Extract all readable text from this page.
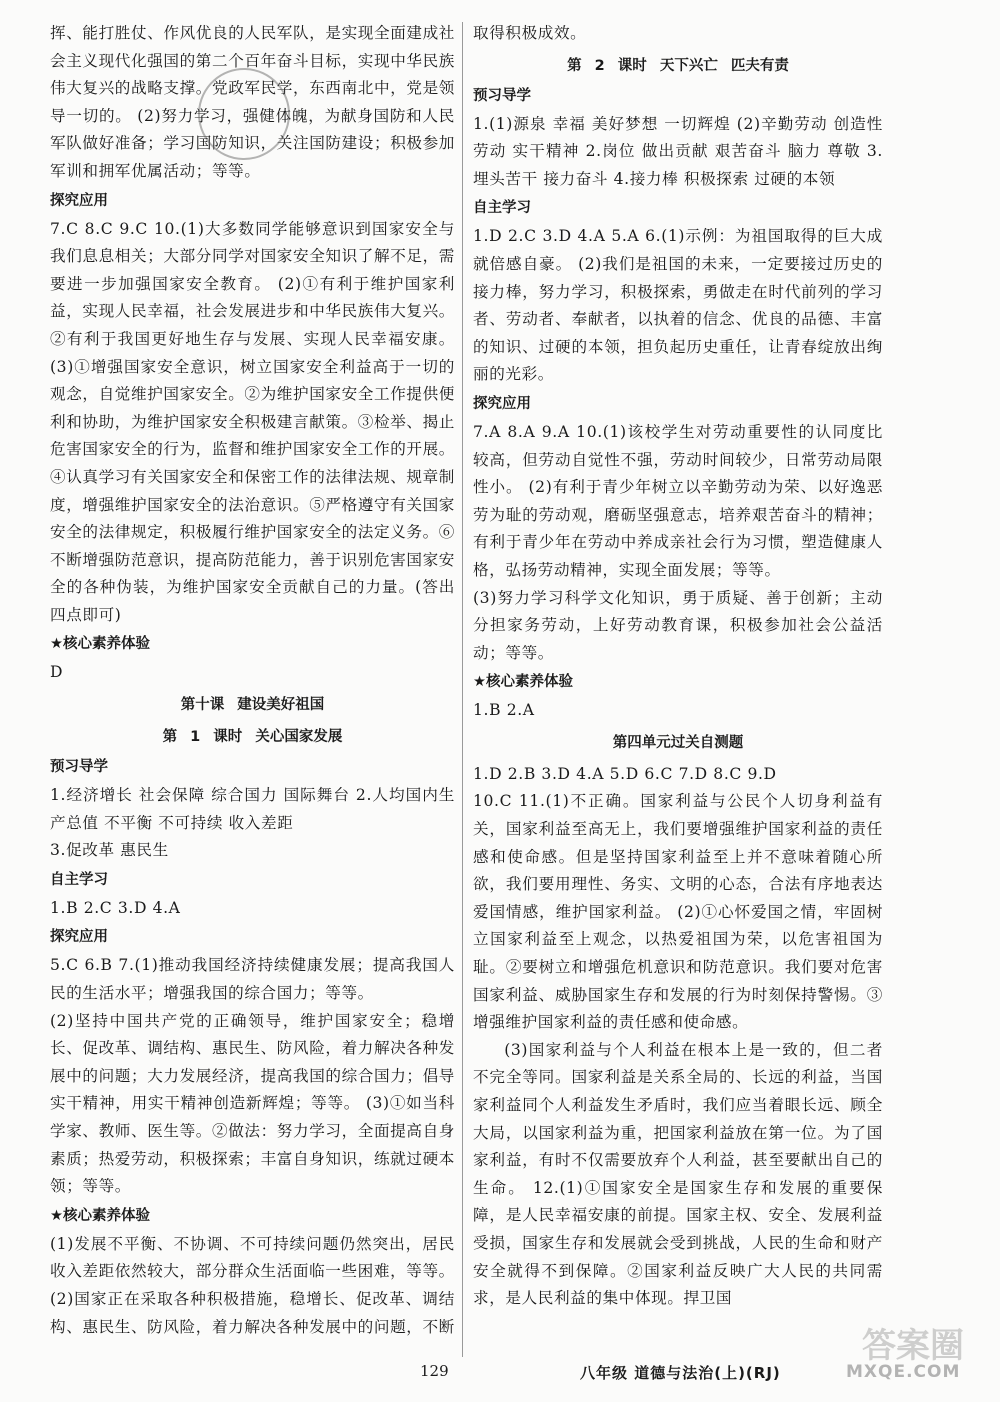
挥、能打胜仗、作风优良的人民军队，是实现全面建成社会主义现代化强国的第二个百年奋斗目标，实现中华民族伟大复兴的战略支撑。党政军民学，东西南北中，党是领导一切的。 (2)努力学习，强健体魄，为献身国防和人民军队做好准备；学习国防知识，关注国防建设；积极参加军训和拥军优属活动；等等。

探究应用

7.C 8.C 9.C 10.(1)大多数同学能够意识到国家安全与我们息息相关；大部分同学对国家安全知识了解不足，需要进一步加强国家安全教育。 (2)①有利于维护国家利益，实现人民幸福，社会发展进步和中华民族伟大复兴。②有利于我国更好地生存与发展、实现人民幸福安康。 (3)①增强国家安全意识，树立国家安全利益高于一切的观念，自觉维护国家安全。②为维护国家安全工作提供便利和协助，为维护国家安全积极建言献策。③检举、揭止危害国家安全的行为，监督和维护国家安全工作的开展。④认真学习有关国家安全和保密工作的法律法规、规章制度，增强维护国家安全的法治意识。⑤严格遵守有关国家安全的法律规定，积极履行维护国家安全的法定义务。⑥不断增强防范意识，提高防范能力，善于识别危害国家安全的各种伪装，为维护国家安全贡献自己的力量。(答出四点即可)

★核心素养体验

D

第十课 建设美好祖国
第 1 课时 关心国家发展
预习导学

1.经济增长 社会保障 综合国力 国际舞台 2.人均国内生产总值 不平衡 不可持续 收入差距

3.促改革 惠民生

自主学习

1.B 2.C 3.D 4.A

探究应用

5.C 6.B 7.(1)推动我国经济持续健康发展；提高我国人民的生活水平；增强我国的综合国力；等等。

(2)坚持中国共产党的正确领导，维护国家安全；稳增长、促改革、调结构、惠民生、防风险，着力解决各种发展中的问题；大力发展经济，提高我国的综合国力；倡导实干精神，用实干精神创造新辉煌；等等。 (3)①如当科学家、教师、医生等。②做法：努力学习，全面提高自身素质；热爱劳动，积极探索；丰富自身知识，练就过硬本领；等等。

★核心素养体验

(1)发展不平衡、不协调、不可持续问题仍然突出，居民收入差距依然较大，部分群众生活面临一些困难，等等。

(2)国家正在采取各种积极措施，稳增长、促改革、调结构、惠民生、防风险，着力解决各种发展中的问题，不断

取得积极成效。

第 2 课时 天下兴亡 匹夫有责
预习导学

1.(1)源泉 幸福 美好梦想 一切辉煌 (2)辛勤劳动 创造性劳动 实干精神 2.岗位 做出贡献 艰苦奋斗 脑力 尊敬 3.埋头苦干 接力奋斗 4.接力棒 积极探索 过硬的本领

自主学习

1.D 2.C 3.D 4.A 5.A 6.(1)示例：为祖国取得的巨大成就倍感自豪。 (2)我们是祖国的未来，一定要接过历史的接力棒，努力学习，积极探索，勇做走在时代前列的学习者、劳动者、奉献者，以执着的信念、优良的品德、丰富的知识、过硬的本领，担负起历史重任，让青春绽放出绚丽的光彩。

探究应用

7.A 8.A 9.A 10.(1)该校学生对劳动重要性的认同度比较高，但劳动自觉性不强，劳动时间较少，日常劳动局限性小。 (2)有利于青少年树立以辛勤劳动为荣、以好逸恶劳为耻的劳动观，磨砺坚强意志，培养艰苦奋斗的精神；有利于青少年在劳动中养成亲社会行为习惯，塑造健康人格，弘扬劳动精神，实现全面发展；等等。

(3)努力学习科学文化知识，勇于质疑、善于创新；主动分担家务劳动，上好劳动教育课，积极参加社会公益活动；等等。

★核心素养体验

1.B 2.A

第四单元过关自测题

1.D 2.B 3.D 4.A 5.D 6.C 7.D 8.C 9.D

10.C 11.(1)不正确。国家利益与公民个人切身利益有关，国家利益至高无上，我们要增强维护国家利益的责任感和使命感。但是坚持国家利益至上并不意味着随心所欲，我们要用理性、务实、文明的心态，合法有序地表达爱国情感，维护国家利益。 (2)①心怀爱国之情，牢固树立国家利益至上观念，以热爱祖国为荣，以危害祖国为耻。②要树立和增强危机意识和防范意识。我们要对危害国家利益、威胁国家生存和发展的行为时刻保持警惕。③增强维护国家利益的责任感和使命感。

(3)国家利益与个人利益在根本上是一致的，但二者不完全等同。国家利益是关系全局的、长远的利益，当国家利益同个人利益发生矛盾时，我们应当着眼长远、顾全大局，以国家利益为重，把国家利益放在第一位。为了国家利益，有时不仅需要放弃个人利益，甚至要献出自己的生命。 12.(1)①国家安全是国家生存和发展的重要保障，是人民幸福安康的前提。国家主权、安全、发展利益受损，国家生存和发展就会受到挑战，人民的生命和财产安全就得不到保障。②国家利益反映广大人民的共同需求，是人民利益的集中体现。捍卫国

129	八年级 道德与法治(上)(RJ)
答案圈
MXQE.COM
